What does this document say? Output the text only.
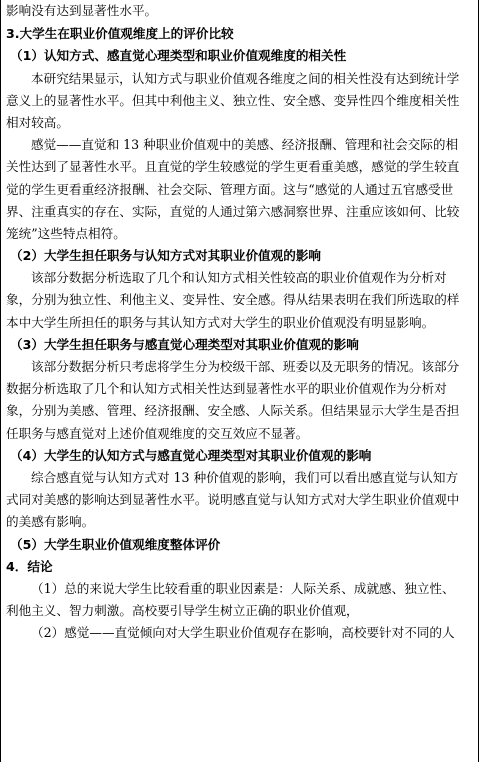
影响没有达到显著性水平。
3.大学生在职业价值观维度上的评价比较
（1）认知方式、感直觉心理类型和职业价值观维度的相关性
本研究结果显示，认知方式与职业价值观各维度之间的相关性没有达到统计学
意义上的显著性水平。但其中利他主义、独立性、安全感、变异性四个维度相关性
相对较高。
感觉——直觉和 13 种职业价值观中的美感、经济报酬、管理和社会交际的相
关性达到了显著性水平。且直觉的学生较感觉的学生更看重美感，感觉的学生较直
觉的学生更看重经济报酬、社会交际、管理方面。这与“感觉的人通过五官感受世
界、注重真实的存在、实际，直觉的人通过第六感洞察世界、注重应该如何、比较
笼统”这些特点相符。
（2）大学生担任职务与认知方式对其职业价值观的影响
该部分数据分析选取了几个和认知方式相关性较高的职业价值观作为分析对
象，分别为独立性、利他主义、变异性、安全感。得从结果表明在我们所选取的样
本中大学生所担任的职务与其认知方式对大学生的职业价值观没有明显影响。
（3）大学生担任职务与感直觉心理类型对其职业价值观的影响
该部分数据分析只考虑将学生分为校级干部、班委以及无职务的情况。该部分
数据分析选取了几个和认知方式相关性达到显著性水平的职业价值观作为分析对
象，分别为美感、管理、经济报酬、安全感、人际关系。但结果显示大学生是否担
任职务与感直觉对上述价值观维度的交互效应不显著。
（4）大学生的认知方式与感直觉心理类型对其职业价值观的影响
综合感直觉与认知方式对 13 种价值观的影响，我们可以看出感直觉与认知方
式同对美感的影响达到显著性水平。说明感直觉与认知方式对大学生职业价值观中
的美感有影响。
（5）大学生职业价值观维度整体评价
4．结论
（1）总的来说大学生比较看重的职业因素是：人际关系、成就感、独立性、
利他主义、智力刺激。高校要引导学生树立正确的职业价值观，
（2）感觉——直觉倾向对大学生职业价值观存在影响，高校要针对不同的人
